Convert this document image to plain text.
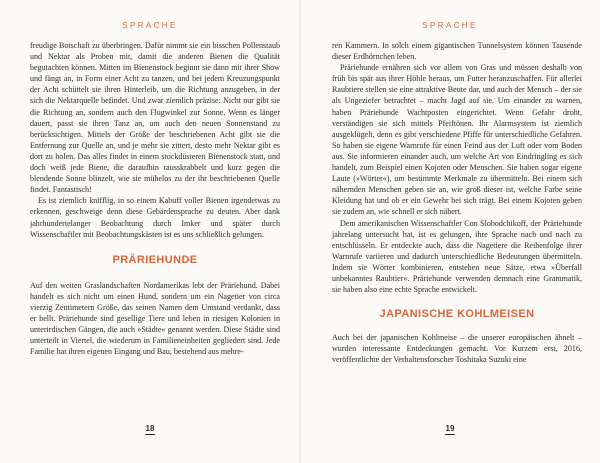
SPRACHE

freudige Botschaft zu überbringen. Dafür nimmt sie ein bisschen Pollenstaub und Nektar als Proben mit, damit die anderen Bienen die Qualität begutachten können. Mitten im Bienenstock beginnt sie dann mit ihrer Show und fängt an, in Form einer Acht zu tanzen, und bei jedem Kreuzungspunkt der Acht schüttelt sie ihren Hinterleib, um die Richtung anzugeben, in der sich die Nektarquelle befindet. Und zwar ziemlich präzise: Nicht nur gibt sie die Richtung an, sondern auch den Flugwinkel zur Sonne. Wenn es länger dauert, passt sie ihren Tanz an, um auch den neuen Sonnenstand zu berücksichtigen. Mittels der Größe der beschriebenen Acht gibt sie die Entfernung zur Quelle an, und je mehr sie zittert, desto mehr Nektar gibt es dort zu holen. Das alles findet in einem stockdüsteren Bienenstock statt, und doch weiß jede Biene, die daraufhin rausskrabbelt und kurz gegen die blendende Sonne blinzelt, wie sie mühelos zu der ihr beschriebenen Quelle findet. Fantastisch!

Es ist ziemlich knifflig, in so einem Kabuff voller Bienen irgendetwas zu erkennen, geschweige denn diese Gebärdensprache zu deuten. Aber dank jahrhundertelanger Beobachtung durch Imker und später durch Wissenschaftler mit Beobachtungskästen ist es uns schließlich gelungen.

PRÄRIEHUNDE

Auf den weiten Graslandschaften Nordamerikas lebt der Präriehund. Dabei handelt es sich nicht um einen Hund, sondern um ein Nagetier von circa vierzig Zentimetern Größe, das seinen Namen dem Umstand verdankt, dass er bellt. Präriehunde sind gesellige Tiere und leben in riesigen Kolonien in unterirdischen Gängen, die auch »Städte« genannt werden. Diese Städte sind unterteilt in Viertel, die wiederum in Familieneinheiten gegliedert sind. Jede Familie hat ihren eigenen Eingang und Bau, bestehend aus mehre-

18
SPRACHE

ren Kammern. In solch einem gigantischen Tunnelsystem können Tausende dieser Erdhörnchen leben.

Präriehunde ernähren sich vor allem von Gras und müssen deshalb von früh bis spät aus ihrer Höhle heraus, um Futter heranzuschaffen. Für allerlei Raubtiere stellen sie eine attraktive Beute dar, und auch der Mensch – der sie als Ungeziefer betrachtet – macht Jagd auf sie. Um einander zu warnen, haben Präriehunde Wachtposten eingerichtet. Wenn Gefahr droht, verständigen sie sich mittels Pfeiftönen. Ihr Alarmsystem ist ziemlich ausgeklügelt, denn es gibt verschiedene Pfiffe für unterschiedliche Gefahren. So haben sie eigene Warnrufe für einen Feind aus der Luft oder vom Boden aus. Sie informieren einander auch, um welche Art von Eindringling es sich handelt, zum Beispiel einen Kojoten oder Menschen. Sie haben sogar eigene Laute (»Wörter«), um bestimmte Merkmale zu übermitteln. Bei einem sich nähernden Menschen geben sie an, wie groß dieser ist, welche Farbe seine Kleidung hat und ob er ein Gewehr bei sich trägt. Bei einem Kojoten geben sie zudem an, wie schnell er sich nähert.

Dem amerikanischen Wissenschaftler Con Slobodchikoff, der Präriehunde jahrelang untersucht hat, ist es gelungen, ihre Sprache nach und nach zu entschlüsseln. Er entdeckte auch, dass die Nagetiere die Reihenfolge ihrer Warnrufe variieren und dadurch unterschiedliche Bedeutungen übermitteln. Indem sie Wörter kombinieren, entstehen neue Sätze, etwa »Überfall unbekanntes Raubtier«. Präriehunde verwenden demnach eine Grammatik, sie haben also eine echte Sprache entwickelt.

JAPANISCHE KOHLMEISEN

Auch bei der japanischen Kohlmeise – die unserer europäischen ähnelt – wurden interessante Entdeckungen gemacht. Vor Kurzem erst, 2016, veröffentlichte der Verhaltensforscher Toshitaka Suzuki eine

19
